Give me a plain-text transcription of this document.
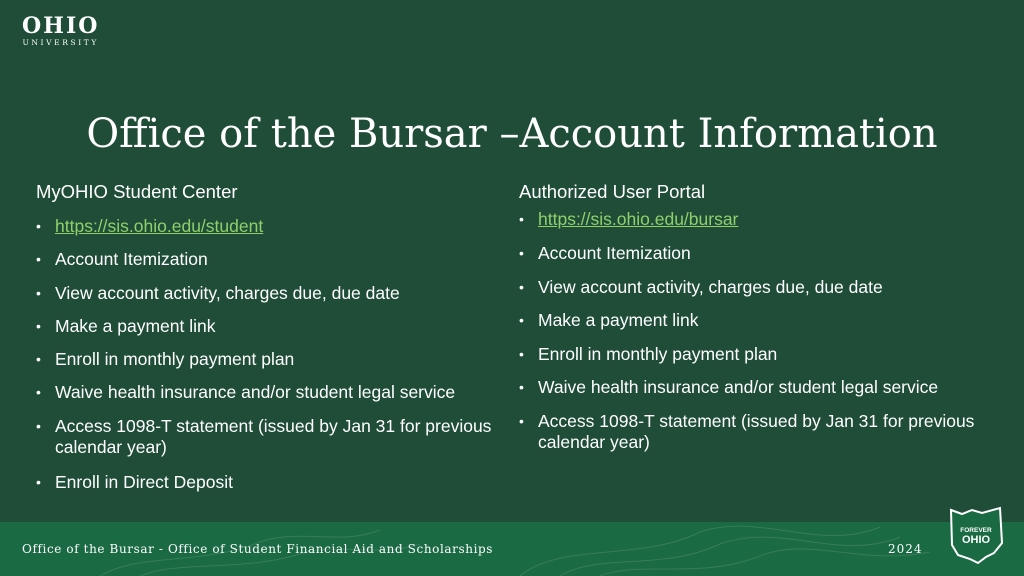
OHIO
UNIVERSITY
Office of the Bursar –Account Information
MyOHIO Student Center
• https://sis.ohio.edu/student
• Account Itemization
• View account activity, charges due, due date
• Make a payment link
• Enroll in monthly payment plan
• Waive health insurance and/or student legal service
• Access 1098-T statement (issued by Jan 31 for previous calendar year)
• Enroll in Direct Deposit
Authorized User Portal
• https://sis.ohio.edu/bursar
• Account Itemization
• View account activity, charges due, due date
• Make a payment link
• Enroll in monthly payment plan
• Waive health insurance and/or student legal service
• Access 1098-T statement (issued by Jan 31 for previous calendar year)
Office of the Bursar - Office of Student Financial Aid and Scholarships	2024
FOREVER
OHIO
